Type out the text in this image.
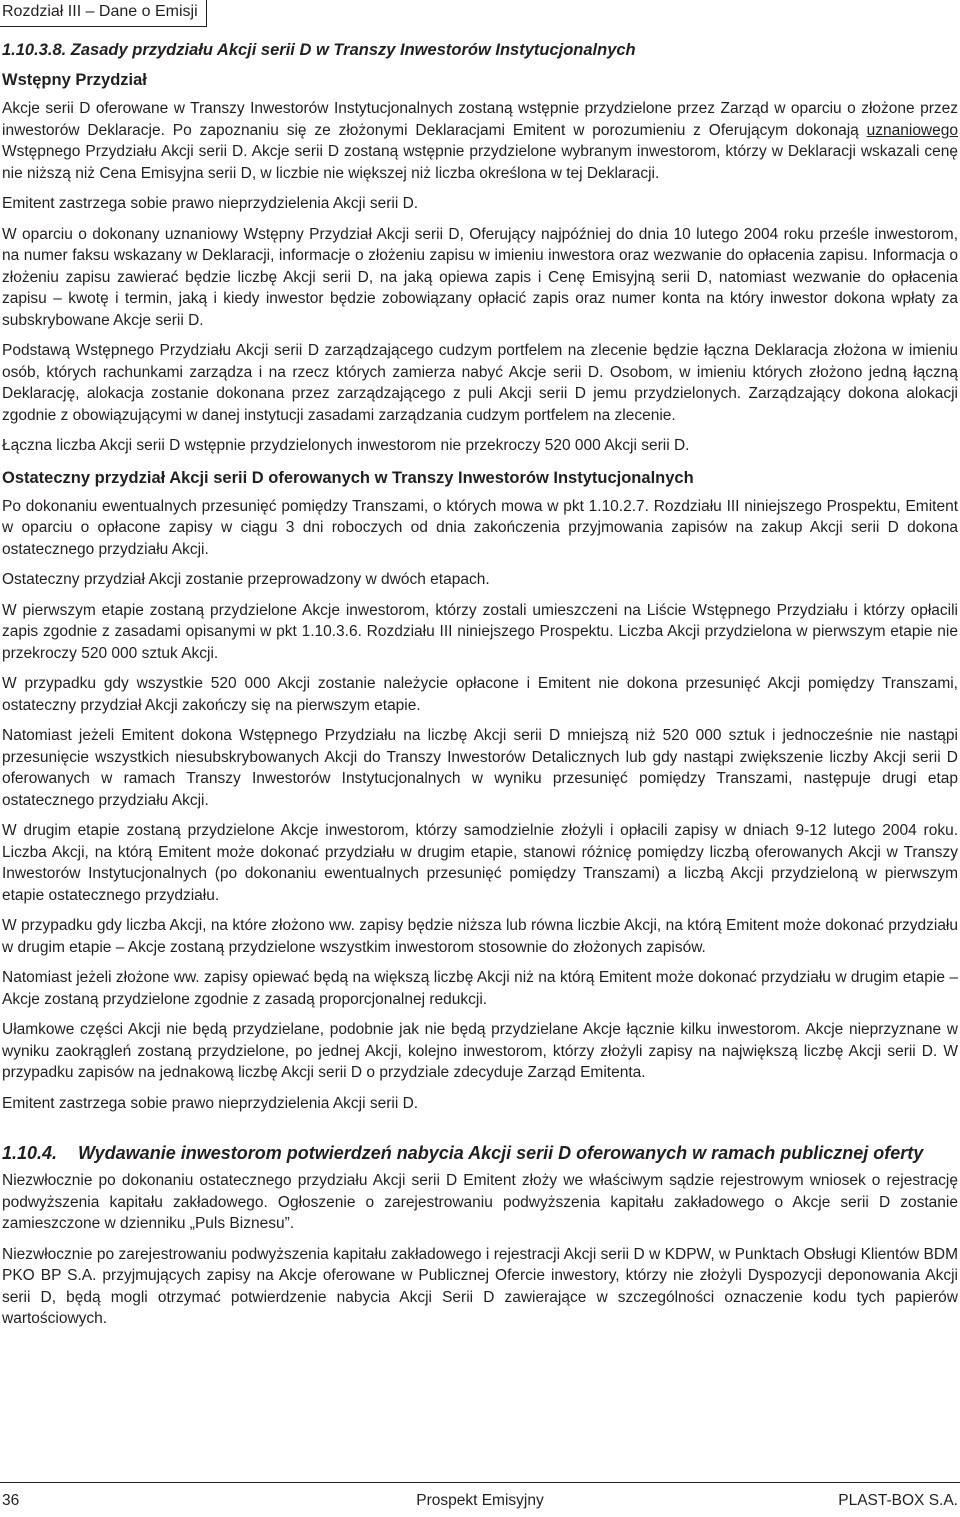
Rozdział III – Dane o Emisji
1.10.3.8. Zasady przydziału Akcji serii D w Transzy Inwestorów Instytucjonalnych
Wstępny Przydział

Akcje serii D oferowane w Transzy Inwestorów Instytucjonalnych zostaną wstępnie przydzielone przez Zarząd w oparciu o złożone przez inwestorów Deklaracje. Po zapoznaniu się ze złożonymi Deklaracjami Emitent w porozumieniu z Oferującym dokonają uznaniowego Wstępnego Przydziału Akcji serii D. Akcje serii D zostaną wstępnie przydzielone wybranym inwestorom, którzy w Deklaracji wskazali cenę nie niższą niż Cena Emisyjna serii D, w liczbie nie większej niż liczba określona w tej Deklaracji.

Emitent zastrzega sobie prawo nieprzydzielenia Akcji serii D.

W oparciu o dokonany uznaniowy Wstępny Przydział Akcji serii D, Oferujący najpóźniej do dnia 10 lutego 2004 roku prześle inwestorom, na numer faksu wskazany w Deklaracji, informacje o złożeniu zapisu w imieniu inwestora oraz wezwanie do opłacenia zapisu. Informacja o złożeniu zapisu zawierać będzie liczbę Akcji serii D, na jaką opiewa zapis i Cenę Emisyjną serii D, natomiast wezwanie do opłacenia zapisu – kwotę i termin, jaką i kiedy inwestor będzie zobowiązany opłacić zapis oraz numer konta na który inwestor dokona wpłaty za subskrybowane Akcje serii D.

Podstawą Wstępnego Przydziału Akcji serii D zarządzającego cudzym portfelem na zlecenie będzie łączna Deklaracja złożona w imieniu osób, których rachunkami zarządza i na rzecz których zamierza nabyć Akcje serii D. Osobom, w imieniu których złożono jedną łączną Deklarację, alokacja zostanie dokonana przez zarządzającego z puli Akcji serii D jemu przydzielonych. Zarządzający dokona alokacji zgodnie z obowiązującymi w danej instytucji zasadami zarządzania cudzym portfelem na zlecenie.

Łączna liczba Akcji serii D wstępnie przydzielonych inwestorom nie przekroczy 520 000 Akcji serii D.

Ostateczny przydział Akcji serii D oferowanych w Transzy Inwestorów Instytucjonalnych

Po dokonaniu ewentualnych przesunięć pomiędzy Transzami, o których mowa w pkt 1.10.2.7. Rozdziału III niniejszego Prospektu, Emitent w oparciu o opłacone zapisy w ciągu 3 dni roboczych od dnia zakończenia przyjmowania zapisów na zakup Akcji serii D dokona ostatecznego przydziału Akcji.

Ostateczny przydział Akcji zostanie przeprowadzony w dwóch etapach.

W pierwszym etapie zostaną przydzielone Akcje inwestorom, którzy zostali umieszczeni na Liście Wstępnego Przydziału i którzy opłacili zapis zgodnie z zasadami opisanymi w pkt 1.10.3.6. Rozdziału III niniejszego Prospektu. Liczba Akcji przydzielona w pierwszym etapie nie przekroczy 520 000 sztuk Akcji.

W przypadku gdy wszystkie 520 000 Akcji zostanie należycie opłacone i Emitent nie dokona przesunięć Akcji pomiędzy Transzami, ostateczny przydział Akcji zakończy się na pierwszym etapie.

Natomiast jeżeli Emitent dokona Wstępnego Przydziału na liczbę Akcji serii D mniejszą niż 520 000 sztuk i jednocześnie nie nastąpi przesunięcie wszystkich niesubskrybowanych Akcji do Transzy Inwestorów Detalicznych lub gdy nastąpi zwiększenie liczby Akcji serii D oferowanych w ramach Transzy Inwestorów Instytucjonalnych w wyniku przesunięć pomiędzy Transzami, następuje drugi etap ostatecznego przydziału Akcji.

W drugim etapie zostaną przydzielone Akcje inwestorom, którzy samodzielnie złożyli i opłacili zapisy w dniach 9-12 lutego 2004 roku. Liczba Akcji, na którą Emitent może dokonać przydziału w drugim etapie, stanowi różnicę pomiędzy liczbą oferowanych Akcji w Transzy Inwestorów Instytucjonalnych (po dokonaniu ewentualnych przesunięć pomiędzy Transzami) a liczbą Akcji przydzieloną w pierwszym etapie ostatecznego przydziału.

W przypadku gdy liczba Akcji, na które złożono ww. zapisy będzie niższa lub równa liczbie Akcji, na którą Emitent może dokonać przydziału w drugim etapie – Akcje zostaną przydzielone wszystkim inwestorom stosownie do złożonych zapisów.

Natomiast jeżeli złożone ww. zapisy opiewać będą na większą liczbę Akcji niż na którą Emitent może dokonać przydziału w drugim etapie – Akcje zostaną przydzielone zgodnie z zasadą proporcjonalnej redukcji.

Ułamkowe części Akcji nie będą przydzielane, podobnie jak nie będą przydzielane Akcje łącznie kilku inwestorom. Akcje nieprzyznane w wyniku zaokrągleń zostaną przydzielone, po jednej Akcji, kolejno inwestorom, którzy złożyli zapisy na największą liczbę Akcji serii D. W przypadku zapisów na jednakową liczbę Akcji serii D o przydziale zdecyduje Zarząd Emitenta.

Emitent zastrzega sobie prawo nieprzydzielenia Akcji serii D.

1.10.4.	Wydawanie inwestorom potwierdzeń nabycia Akcji serii D oferowanych w ramach publicznej oferty

Niezwłocznie po dokonaniu ostatecznego przydziału Akcji serii D Emitent złoży we właściwym sądzie rejestrowym wniosek o rejestrację podwyższenia kapitału zakładowego. Ogłoszenie o zarejestrowaniu podwyższenia kapitału zakładowego o Akcje serii D zostanie zamieszczone w dzienniku „Puls Biznesu”.

Niezwłocznie po zarejestrowaniu podwyższenia kapitału zakładowego i rejestracji Akcji serii D w KDPW, w Punktach Obsługi Klientów BDM PKO BP S.A. przyjmujących zapisy na Akcje oferowane w Publicznej Ofercie inwestory, którzy nie złożyli Dyspozycji deponowania Akcji serii D, będą mogli otrzymać potwierdzenie nabycia Akcji Serii D zawierające w szczególności oznaczenie kodu tych papierów wartościowych.

36	Prospekt Emisyjny	PLAST-BOX S.A.
